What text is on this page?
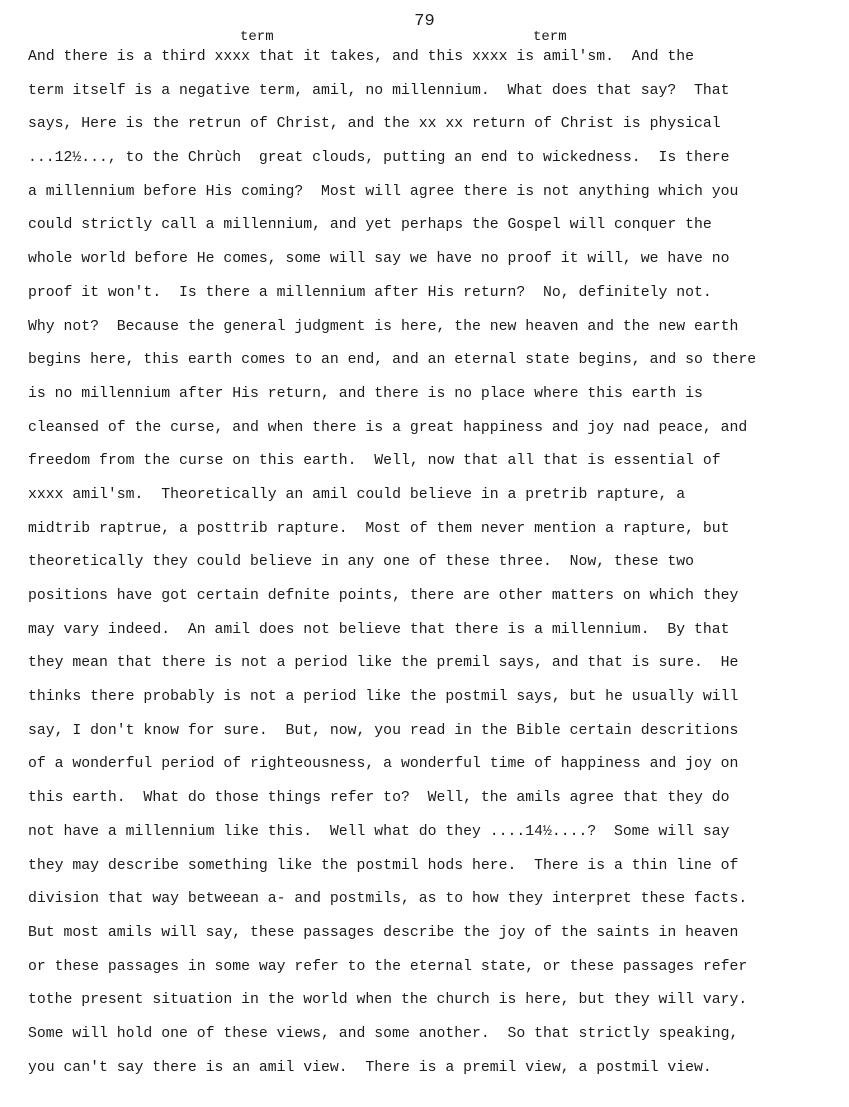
79
term	term
And there is a third xxxx that it takes, and this xxxx is amil'sm.  And the
term itself is a negative term, amil, no millennium.  What does that say?  That
says, Here is the retrun of Christ, and the xx xx return of Christ is physical
...12½..., to the Chrùch  great clouds, putting an end to wickedness.  Is there
a millennium before His coming?  Most will agree there is not anything which you
could strictly call a millennium, and yet perhaps the Gospel will conquer the
whole world before He comes, some will say we have no proof it will, we have no
proof it won't.  Is there a millennium after His return?  No, definitely not.
Why not?  Because the general judgment is here, the new heaven and the new earth
begins here, this earth comes to an end, and an eternal state begins, and so there
is no millennium after His return, and there is no place where this earth is
cleansed of the curse, and when there is a great happiness and joy nad peace, and
freedom from the curse on this earth.  Well, now that all that is essential of
xxxx amil'sm.  Theoretically an amil could believe in a pretrib rapture, a
midtrib raptrue, a posttrib rapture.  Most of them never mention a rapture, but
theoretically they could believe in any one of these three.  Now, these two
positions have got certain defnite points, there are other matters on which they
may vary indeed.  An amil does not believe that there is a millennium.  By that
they mean that there is not a period like the premil says, and that is sure.  He
thinks there probably is not a period like the postmil says, but he usually will
say, I don't know for sure.  But, now, you read in the Bible certain descritions
of a wonderful period of righteousness, a wonderful time of happiness and joy on
this earth.  What do those things refer to?  Well, the amils agree that they do
not have a millennium like this.  Well what do they ....14½....?  Some will say
they may describe something like the postmil hods here.  There is a thin line of
division that way betweean a- and postmils, as to how they interpret these facts.
But most amils will say, these passages describe the joy of the saints in heaven
or these passages in some way refer to the eternal state, or these passages refer
tothe present situation in the world when the church is here, but they will vary.
Some will hold one of these views, and some another.  So that strictly speaking,
you can't say there is an amil view.  There is a premil view, a postmil view.
